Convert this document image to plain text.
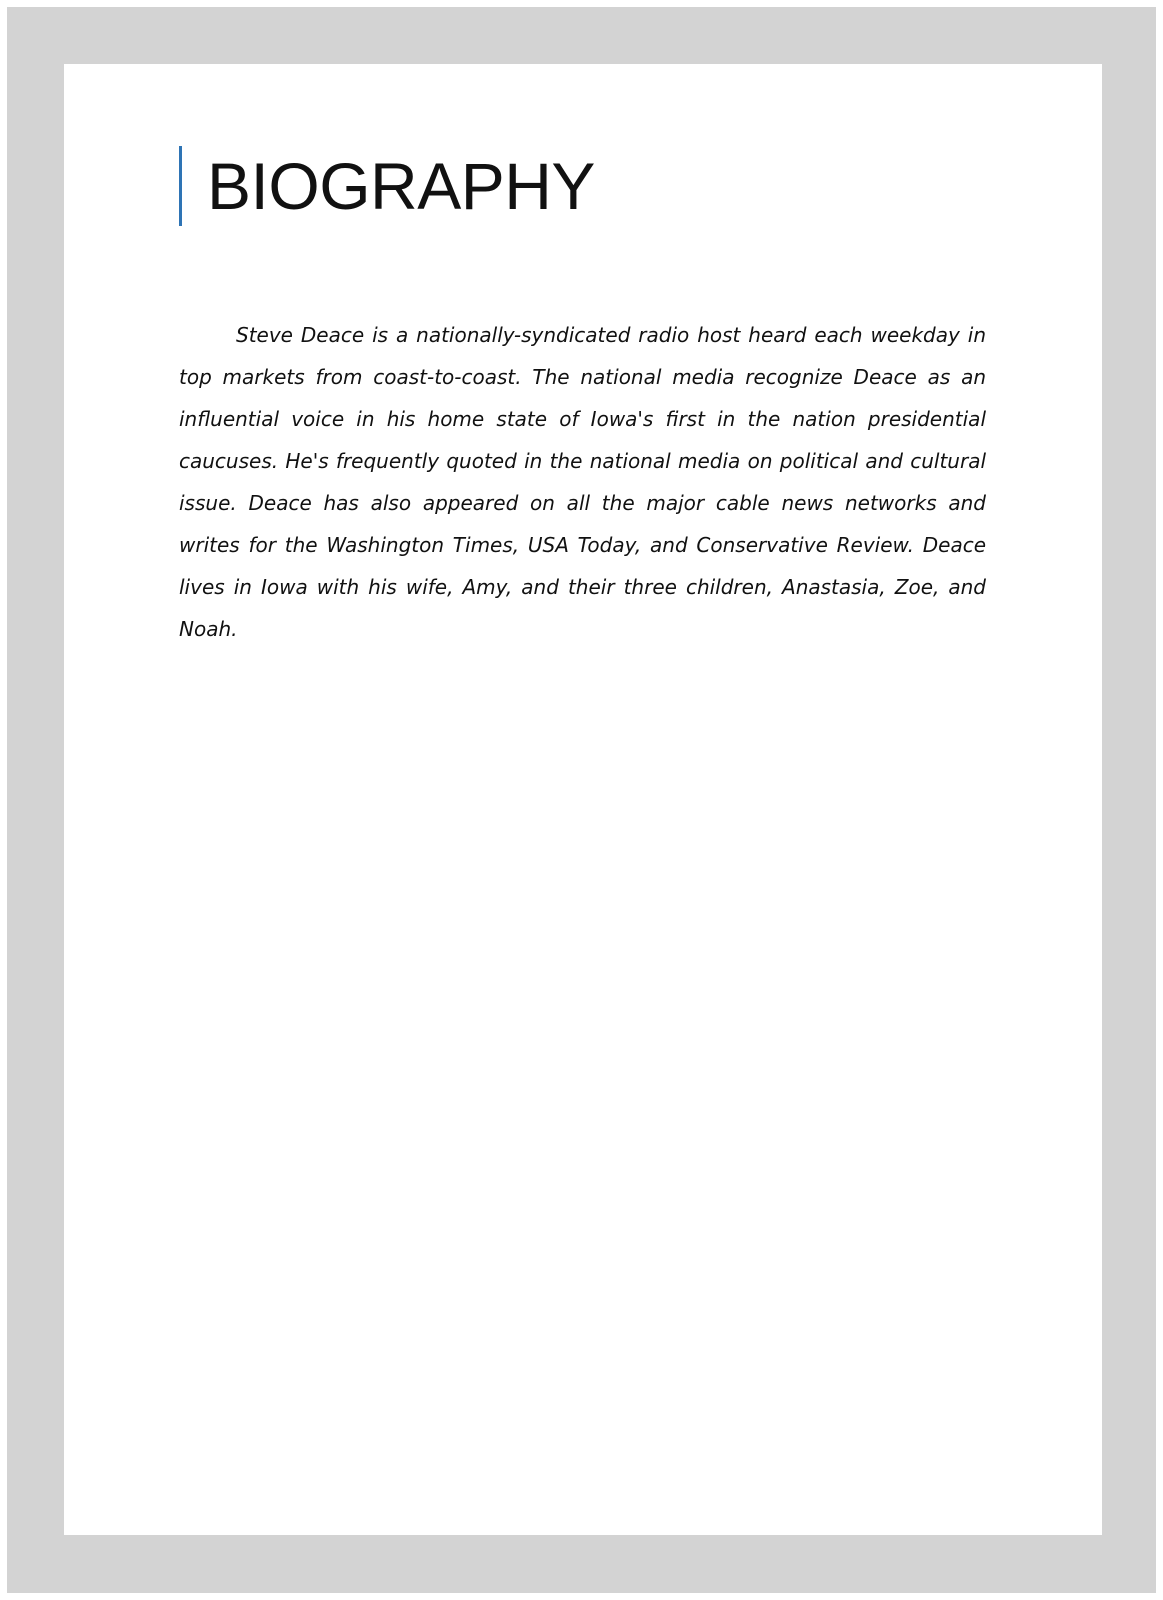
BIOGRAPHY

Steve Deace is a nationally-syndicated radio host heard each weekday in top markets from coast-to-coast. The national media recognize Deace as an influential voice in his home state of Iowa's first in the nation presidential caucuses. He's frequently quoted in the national media on political and cultural issue. Deace has also appeared on all the major cable news networks and writes for the Washington Times, USA Today, and Conservative Review. Deace lives in Iowa with his wife, Amy, and their three children, Anastasia, Zoe, and Noah.
